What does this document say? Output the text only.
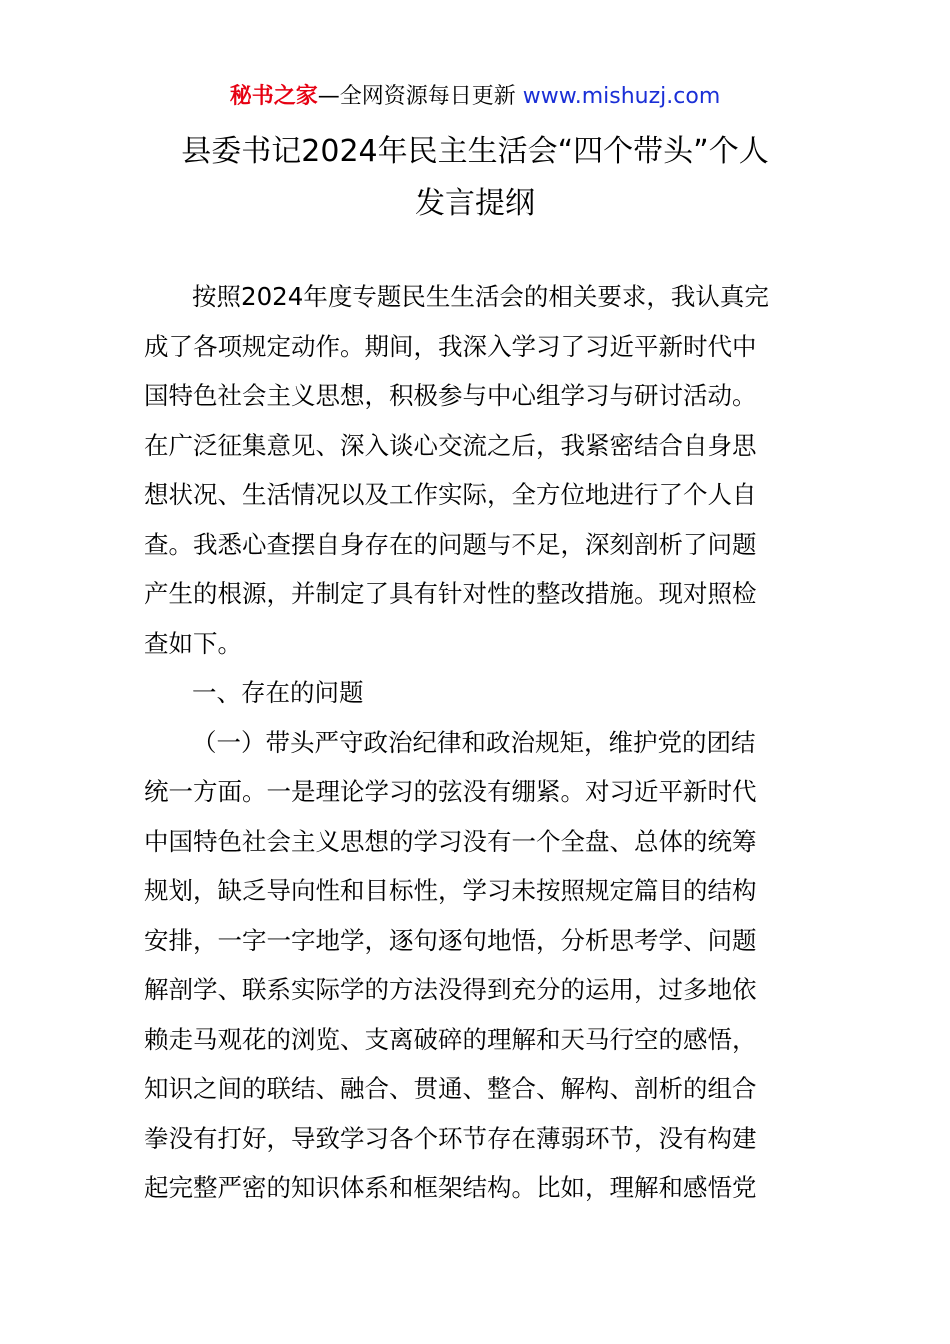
秘书之家—全网资源每日更新 www.mishuzj.com
县委书记2024年民主生活会“四个带头”个人
发言提纲
按照2024年度专题民生生活会的相关要求，我认真完
成了各项规定动作。期间，我深入学习了习近平新时代中
国特色社会主义思想，积极参与中心组学习与研讨活动。
在广泛征集意见、深入谈心交流之后，我紧密结合自身思
想状况、生活情况以及工作实际，全方位地进行了个人自
查。我悉心查摆自身存在的问题与不足，深刻剖析了问题
产生的根源，并制定了具有针对性的整改措施。现对照检
查如下。
一、存在的问题
（一）带头严守政治纪律和政治规矩，维护党的团结
统一方面。一是理论学习的弦没有绷紧。对习近平新时代
中国特色社会主义思想的学习没有一个全盘、总体的统筹
规划，缺乏导向性和目标性，学习未按照规定篇目的结构
安排，一字一字地学，逐句逐句地悟，分析思考学、问题
解剖学、联系实际学的方法没得到充分的运用，过多地依
赖走马观花的浏览、支离破碎的理解和天马行空的感悟，
知识之间的联结、融合、贯通、整合、解构、剖析的组合
拳没有打好，导致学习各个环节存在薄弱环节，没有构建
起完整严密的知识体系和框架结构。比如，理解和感悟党
